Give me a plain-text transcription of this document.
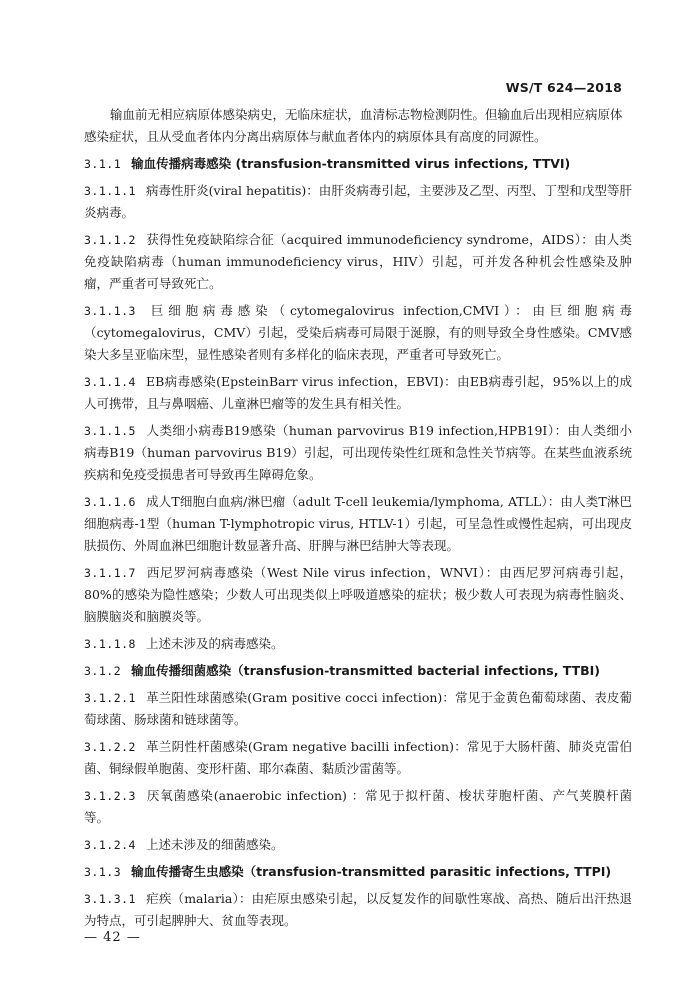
WS/T 624—2018

输血前无相应病原体感染病史，无临床症状，血清标志物检测阴性。但输血后出现相应病原体感染症状，且从受血者体内分离出病原体与献血者体内的病原体具有高度的同源性。

3.1.1 输血传播病毒感染 (transfusion-transmitted virus infections, TTVI)

3.1.1.1 病毒性肝炎(viral hepatitis)：由肝炎病毒引起，主要涉及乙型、丙型、丁型和戊型等肝炎病毒。

3.1.1.2 获得性免疫缺陷综合征（acquired immunodeficiency syndrome，AIDS）：由人类免疫缺陷病毒（human immunodeficiency virus，HIV）引起，可并发各种机会性感染及肿瘤，严重者可导致死亡。

3.1.1.3 巨细胞病毒感染（cytomegalovirus infection,CMVI）：由巨细胞病毒（cytomegalovirus，CMV）引起，受染后病毒可局限于涎腺，有的则导致全身性感染。CMV感染大多呈亚临床型，显性感染者则有多样化的临床表现，严重者可导致死亡。

3.1.1.4 EB病毒感染(EpsteinBarr virus infection，EBVI)：由EB病毒引起，95%以上的成人可携带，且与鼻咽癌、儿童淋巴瘤等的发生具有相关性。

3.1.1.5 人类细小病毒B19感染（human parvovirus B19 infection,HPB19I）：由人类细小病毒B19（human parvovirus B19）引起，可出现传染性红斑和急性关节病等。在某些血液系统疾病和免疫受损患者可导致再生障碍危象。

3.1.1.6 成人T细胞白血病/淋巴瘤（adult T-cell leukemia/lymphoma, ATLL）：由人类T淋巴细胞病毒-1型（human T-lymphotropic virus, HTLV-1）引起，可呈急性或慢性起病，可出现皮肤损伤、外周血淋巴细胞计数显著升高、肝脾与淋巴结肿大等表现。

3.1.1.7 西尼罗河病毒感染（West Nile virus infection，WNVI）：由西尼罗河病毒引起，80%的感染为隐性感染；少数人可出现类似上呼吸道感染的症状；极少数人可表现为病毒性脑炎、脑膜脑炎和脑膜炎等。

3.1.1.8 上述未涉及的病毒感染。

3.1.2 输血传播细菌感染（transfusion-transmitted bacterial infections, TTBI)

3.1.2.1 革兰阳性球菌感染(Gram positive cocci infection)：常见于金黄色葡萄球菌、表皮葡萄球菌、肠球菌和链球菌等。

3.1.2.2 革兰阴性杆菌感染(Gram negative bacilli infection)：常见于大肠杆菌、肺炎克雷伯菌、铜绿假单胞菌、变形杆菌、耶尔森菌、黏质沙雷菌等。

3.1.2.3 厌氧菌感染(anaerobic infection) ：常见于拟杆菌、梭状芽胞杆菌、产气荚膜杆菌等。

3.1.2.4 上述未涉及的细菌感染。

3.1.3 输血传播寄生虫感染（transfusion-transmitted parasitic infections, TTPI)

3.1.3.1 疟疾（malaria）：由疟原虫感染引起，以反复发作的间歇性寒战、高热、随后出汗热退为特点，可引起脾肿大、贫血等表现。

— 42 —
